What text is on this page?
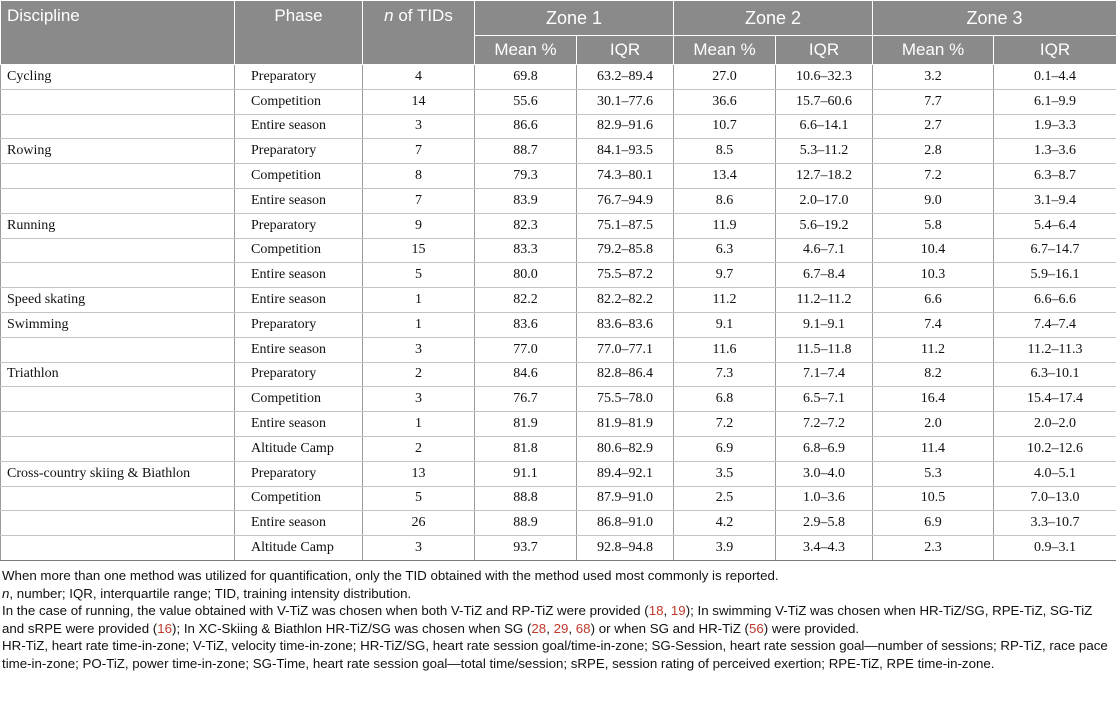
Discipline	Phase	n of TIDs	Zone 1		Zone 2		Zone 3	
			Mean %	IQR	Mean %	IQR	Mean %	IQR
Cycling	Preparatory	4	69.8	63.2–89.4	27.0	10.6–32.3	3.2	0.1–4.4
	Competition	14	55.6	30.1–77.6	36.6	15.7–60.6	7.7	6.1–9.9
	Entire season	3	86.6	82.9–91.6	10.7	6.6–14.1	2.7	1.9–3.3
Rowing	Preparatory	7	88.7	84.1–93.5	8.5	5.3–11.2	2.8	1.3–3.6
	Competition	8	79.3	74.3–80.1	13.4	12.7–18.2	7.2	6.3–8.7
	Entire season	7	83.9	76.7–94.9	8.6	2.0–17.0	9.0	3.1–9.4
Running	Preparatory	9	82.3	75.1–87.5	11.9	5.6–19.2	5.8	5.4–6.4
	Competition	15	83.3	79.2–85.8	6.3	4.6–7.1	10.4	6.7–14.7
	Entire season	5	80.0	75.5–87.2	9.7	6.7–8.4	10.3	5.9–16.1
Speed skating	Entire season	1	82.2	82.2–82.2	11.2	11.2–11.2	6.6	6.6–6.6
Swimming	Preparatory	1	83.6	83.6–83.6	9.1	9.1–9.1	7.4	7.4–7.4
	Entire season	3	77.0	77.0–77.1	11.6	11.5–11.8	11.2	11.2–11.3
Triathlon	Preparatory	2	84.6	82.8–86.4	7.3	7.1–7.4	8.2	6.3–10.1
	Competition	3	76.7	75.5–78.0	6.8	6.5–7.1	16.4	15.4–17.4
	Entire season	1	81.9	81.9–81.9	7.2	7.2–7.2	2.0	2.0–2.0
	Altitude Camp	2	81.8	80.6–82.9	6.9	6.8–6.9	11.4	10.2–12.6
Cross-country skiing & Biathlon	Preparatory	13	91.1	89.4–92.1	3.5	3.0–4.0	5.3	4.0–5.1
	Competition	5	88.8	87.9–91.0	2.5	1.0–3.6	10.5	7.0–13.0
	Entire season	26	88.9	86.8–91.0	4.2	2.9–5.8	6.9	3.3–10.7
	Altitude Camp	3	93.7	92.8–94.8	3.9	3.4–4.3	2.3	0.9–3.1

When more than one method was utilized for quantification, only the TID obtained with the method used most commonly is reported.

n, number; IQR, interquartile range; TID, training intensity distribution.

In the case of running, the value obtained with V-TiZ was chosen when both V-TiZ and RP-TiZ were provided (18, 19); In swimming V-TiZ was chosen when HR-TiZ/SG, RPE-TiZ, SG-TiZ and sRPE were provided (16); In XC-Skiing & Biathlon HR-TiZ/SG was chosen when SG (28, 29, 68) or when SG and HR-TiZ (56) were provided.

HR-TiZ, heart rate time-in-zone; V-TiZ, velocity time-in-zone; HR-TiZ/SG, heart rate session goal/time-in-zone; SG-Session, heart rate session goal—number of sessions; RP-TiZ, race pace time-in-zone; PO-TiZ, power time-in-zone; SG-Time, heart rate session goal—total time/session; sRPE, session rating of perceived exertion; RPE-TiZ, RPE time-in-zone.
